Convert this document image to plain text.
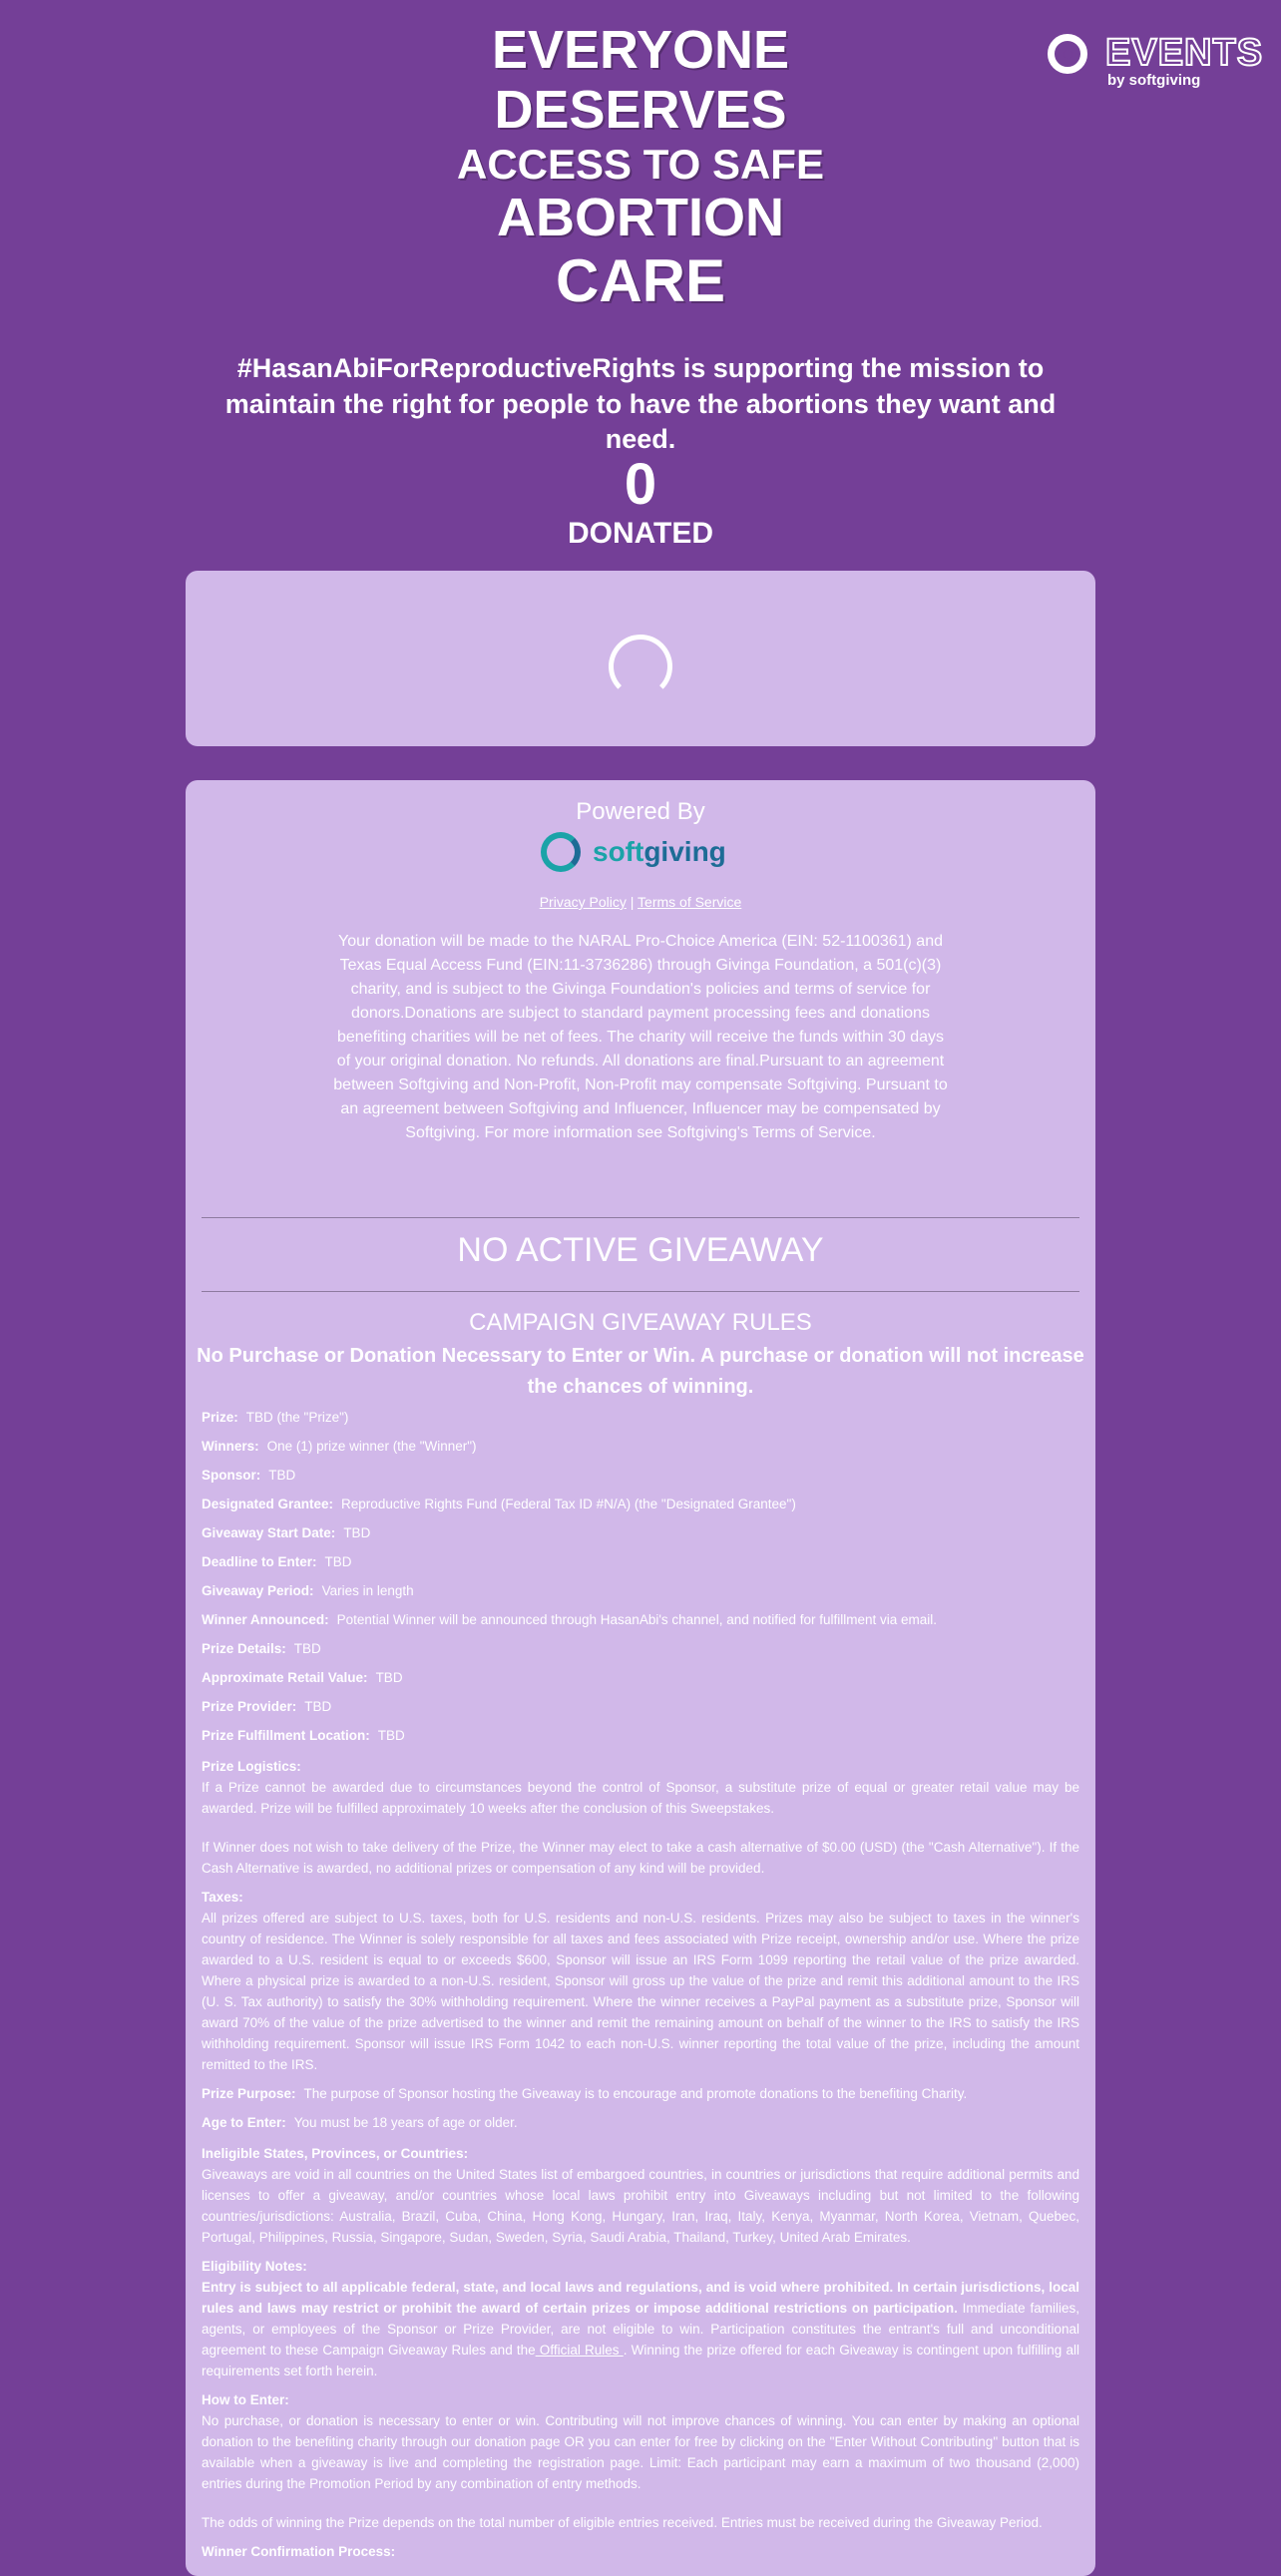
EVENTS
by softgiving
EVERYONE
DESERVES
ACCESS TO SAFE
ABORTION
CARE
#HasanAbiForReproductiveRights is supporting the mission to maintain the right for people to have the abortions they want and need.
0
DONATED
Powered By
softgiving
Privacy Policy | Terms of Service
Your donation will be made to the NARAL Pro-Choice America (EIN: 52-1100361) and Texas Equal Access Fund (EIN:11-3736286) through Givinga Foundation, a 501(c)(3) charity, and is subject to the Givinga Foundation's policies and terms of service for donors.Donations are subject to standard payment processing fees and donations benefiting charities will be net of fees. The charity will receive the funds within 30 days of your original donation. No refunds. All donations are final.Pursuant to an agreement between Softgiving and Non-Profit, Non-Profit may compensate Softgiving. Pursuant to an agreement between Softgiving and Influencer, Influencer may be compensated by Softgiving. For more information see Softgiving's Terms of Service.
NO ACTIVE GIVEAWAY
CAMPAIGN GIVEAWAY RULES
No Purchase or Donation Necessary to Enter or Win. A purchase or donation will not increase the chances of winning.
Prize: TBD (the "Prize")
Winners: One (1) prize winner (the "Winner")
Sponsor: TBD
Designated Grantee: Reproductive Rights Fund (Federal Tax ID #N/A) (the "Designated Grantee")
Giveaway Start Date: TBD
Deadline to Enter: TBD
Giveaway Period: Varies in length
Winner Announced: Potential Winner will be announced through HasanAbi's channel, and notified for fulfillment via email.
Prize Details: TBD
Approximate Retail Value: TBD
Prize Provider: TBD
Prize Fulfillment Location: TBD
Prize Logistics:

If a Prize cannot be awarded due to circumstances beyond the control of Sponsor, a substitute prize of equal or greater retail value may be awarded. Prize will be fulfilled approximately 10 weeks after the conclusion of this Sweepstakes.

If Winner does not wish to take delivery of the Prize, the Winner may elect to take a cash alternative of $0.00 (USD) (the "Cash Alternative"). If the Cash Alternative is awarded, no additional prizes or compensation of any kind will be provided.

Taxes:

All prizes offered are subject to U.S. taxes, both for U.S. residents and non-U.S. residents. Prizes may also be subject to taxes in the winner's country of residence. The Winner is solely responsible for all taxes and fees associated with Prize receipt, ownership and/or use. Where the prize awarded to a U.S. resident is equal to or exceeds $600, Sponsor will issue an IRS Form 1099 reporting the retail value of the prize awarded. Where a physical prize is awarded to a non-U.S. resident, Sponsor will gross up the value of the prize and remit this additional amount to the IRS (U. S. Tax authority) to satisfy the 30% withholding requirement. Where the winner receives a PayPal payment as a substitute prize, Sponsor will award 70% of the value of the prize advertised to the winner and remit the remaining amount on behalf of the winner to the IRS to satisfy the IRS withholding requirement. Sponsor will issue IRS Form 1042 to each non-U.S. winner reporting the total value of the prize, including the amount remitted to the IRS.

Prize Purpose: The purpose of Sponsor hosting the Giveaway is to encourage and promote donations to the benefiting Charity.
Age to Enter: You must be 18 years of age or older.
Ineligible States, Provinces, or Countries:

Giveaways are void in all countries on the United States list of embargoed countries, in countries or jurisdictions that require additional permits and licenses to offer a giveaway, and/or countries whose local laws prohibit entry into Giveaways including but not limited to the following countries/jurisdictions: Australia, Brazil, Cuba, China, Hong Kong, Hungary, Iran, Iraq, Italy, Kenya, Myanmar, North Korea, Vietnam, Quebec, Portugal, Philippines, Russia, Singapore, Sudan, Sweden, Syria, Saudi Arabia, Thailand, Turkey, United Arab Emirates.

Eligibility Notes:

Entry is subject to all applicable federal, state, and local laws and regulations, and is void where prohibited. In certain jurisdictions, local rules and laws may restrict or prohibit the award of certain prizes or impose additional restrictions on participation. Immediate families, agents, or employees of the Sponsor or Prize Provider, are not eligible to win. Participation constitutes the entrant's full and unconditional agreement to these Campaign Giveaway Rules and the Official Rules . Winning the prize offered for each Giveaway is contingent upon fulfilling all requirements set forth herein.

How to Enter:

No purchase, or donation is necessary to enter or win. Contributing will not improve chances of winning. You can enter by making an optional donation to the benefiting charity through our donation page OR you can enter for free by clicking on the "Enter Without Contributing" button that is available when a giveaway is live and completing the registration page. Limit: Each participant may earn a maximum of two thousand (2,000) entries during the Promotion Period by any combination of entry methods.

The odds of winning the Prize depends on the total number of eligible entries received. Entries must be received during the Giveaway Period.

Winner Confirmation Process:
